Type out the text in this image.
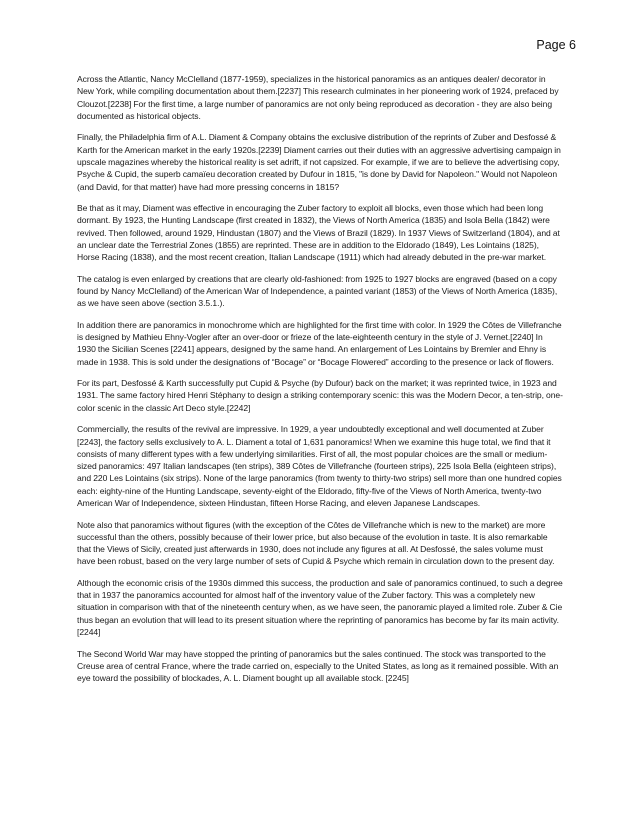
Page 6

Across the Atlantic, Nancy McClelland (1877-1959), specializes in the historical panoramics as an antiques dealer/ decorator in New York, while compiling documentation about them.[2237] This research culminates in her pioneering work of 1924, prefaced by Clouzot.[2238] For the first time, a large number of panoramics are not only being reproduced as decoration - they are also being documented as historical objects.

Finally, the Philadelphia firm of A.L. Diament & Company obtains the exclusive distribution of the reprints of Zuber and Desfossé & Karth for the American market in the early 1920s.[2239] Diament carries out their duties with an aggressive advertising campaign in upscale magazines whereby the historical reality is set adrift, if not capsized. For example, if we are to believe the advertising copy, Psyche & Cupid, the superb camaïeu decoration created by Dufour in 1815, "is done by David for Napoleon." Would not Napoleon (and David, for that matter) have had more pressing concerns in 1815?

Be that as it may, Diament was effective in encouraging the Zuber factory to exploit all blocks, even those which had been long dormant. By 1923, the Hunting Landscape (first created in 1832), the Views of North America (1835) and Isola Bella (1842) were revived. Then followed, around 1929, Hindustan (1807) and the Views of Brazil (1829). In 1937 Views of Switzerland (1804), and at an unclear date the Terrestrial Zones (1855) are reprinted. These are in addition to the Eldorado (1849), Les Lointains (1825), Horse Racing (1838), and the most recent creation, Italian Landscape (1911) which had already debuted in the pre-war market.

The catalog is even enlarged by creations that are clearly old-fashioned: from 1925 to 1927 blocks are engraved (based on a copy found by Nancy McClelland) of the American War of Independence, a painted variant (1853) of the Views of North America (1835), as we have seen above (section 3.5.1.).

In addition there are panoramics in monochrome which are highlighted for the first time with color. In 1929 the Côtes de Villefranche is designed by Mathieu Ehny-Vogler after an over-door or frieze of the late-eighteenth century in the style of J. Vernet.[2240] In 1930 the Sicilian Scenes [2241] appears, designed by the same hand. An enlargement of Les Lointains by Bremler and Ehny is made in 1938. This is sold under the designations of “Bocage” or “Bocage Flowered” according to the presence or lack of flowers.

For its part, Desfossé & Karth successfully put Cupid & Psyche (by Dufour) back on the market; it was reprinted twice, in 1923 and 1931. The same factory hired Henri Stéphany to design a striking contemporary scenic: this was the Modern Decor, a ten-strip, one-color scenic in the classic Art Deco style.[2242]

Commercially, the results of the revival are impressive. In 1929, a year undoubtedly exceptional and well documented at Zuber [2243], the factory sells exclusively to A. L. Diament a total of 1,631 panoramics! When we examine this huge total, we find that it consists of many different types with a few underlying similarities. First of all, the most popular choices are the small or medium-sized panoramics: 497 Italian landscapes (ten strips), 389 Côtes de Villefranche (fourteen strips), 225 Isola Bella (eighteen strips), and 220 Les Lointains (six strips). None of the large panoramics (from twenty to thirty-two strips) sell more than one hundred copies each: eighty-nine of the Hunting Landscape, seventy-eight of the Eldorado, fifty-five of the Views of North America, twenty-two American War of Independence, sixteen Hindustan, fifteen Horse Racing, and eleven Japanese Landscapes.

Note also that panoramics without figures (with the exception of the Côtes de Villefranche which is new to the market) are more successful than the others, possibly because of their lower price, but also because of the evolution in taste. It is also remarkable that the Views of Sicily, created just afterwards in 1930, does not include any figures at all. At Desfossé, the sales volume must have been robust, based on the very large number of sets of Cupid & Psyche which remain in circulation down to the present day.

Although the economic crisis of the 1930s dimmed this success, the production and sale of panoramics continued, to such a degree that in 1937 the panoramics accounted for almost half of the inventory value of the Zuber factory. This was a completely new situation in comparison with that of the nineteenth century when, as we have seen, the panoramic played a limited role. Zuber & Cie thus began an evolution that will lead to its present situation where the reprinting of panoramics has become by far its main activity.[2244]

The Second World War may have stopped the printing of panoramics but the sales continued. The stock was transported to the Creuse area of central France, where the trade carried on, especially to the United States, as long as it remained possible. With an eye toward the possibility of blockades, A. L. Diament bought up all available stock. [2245]
